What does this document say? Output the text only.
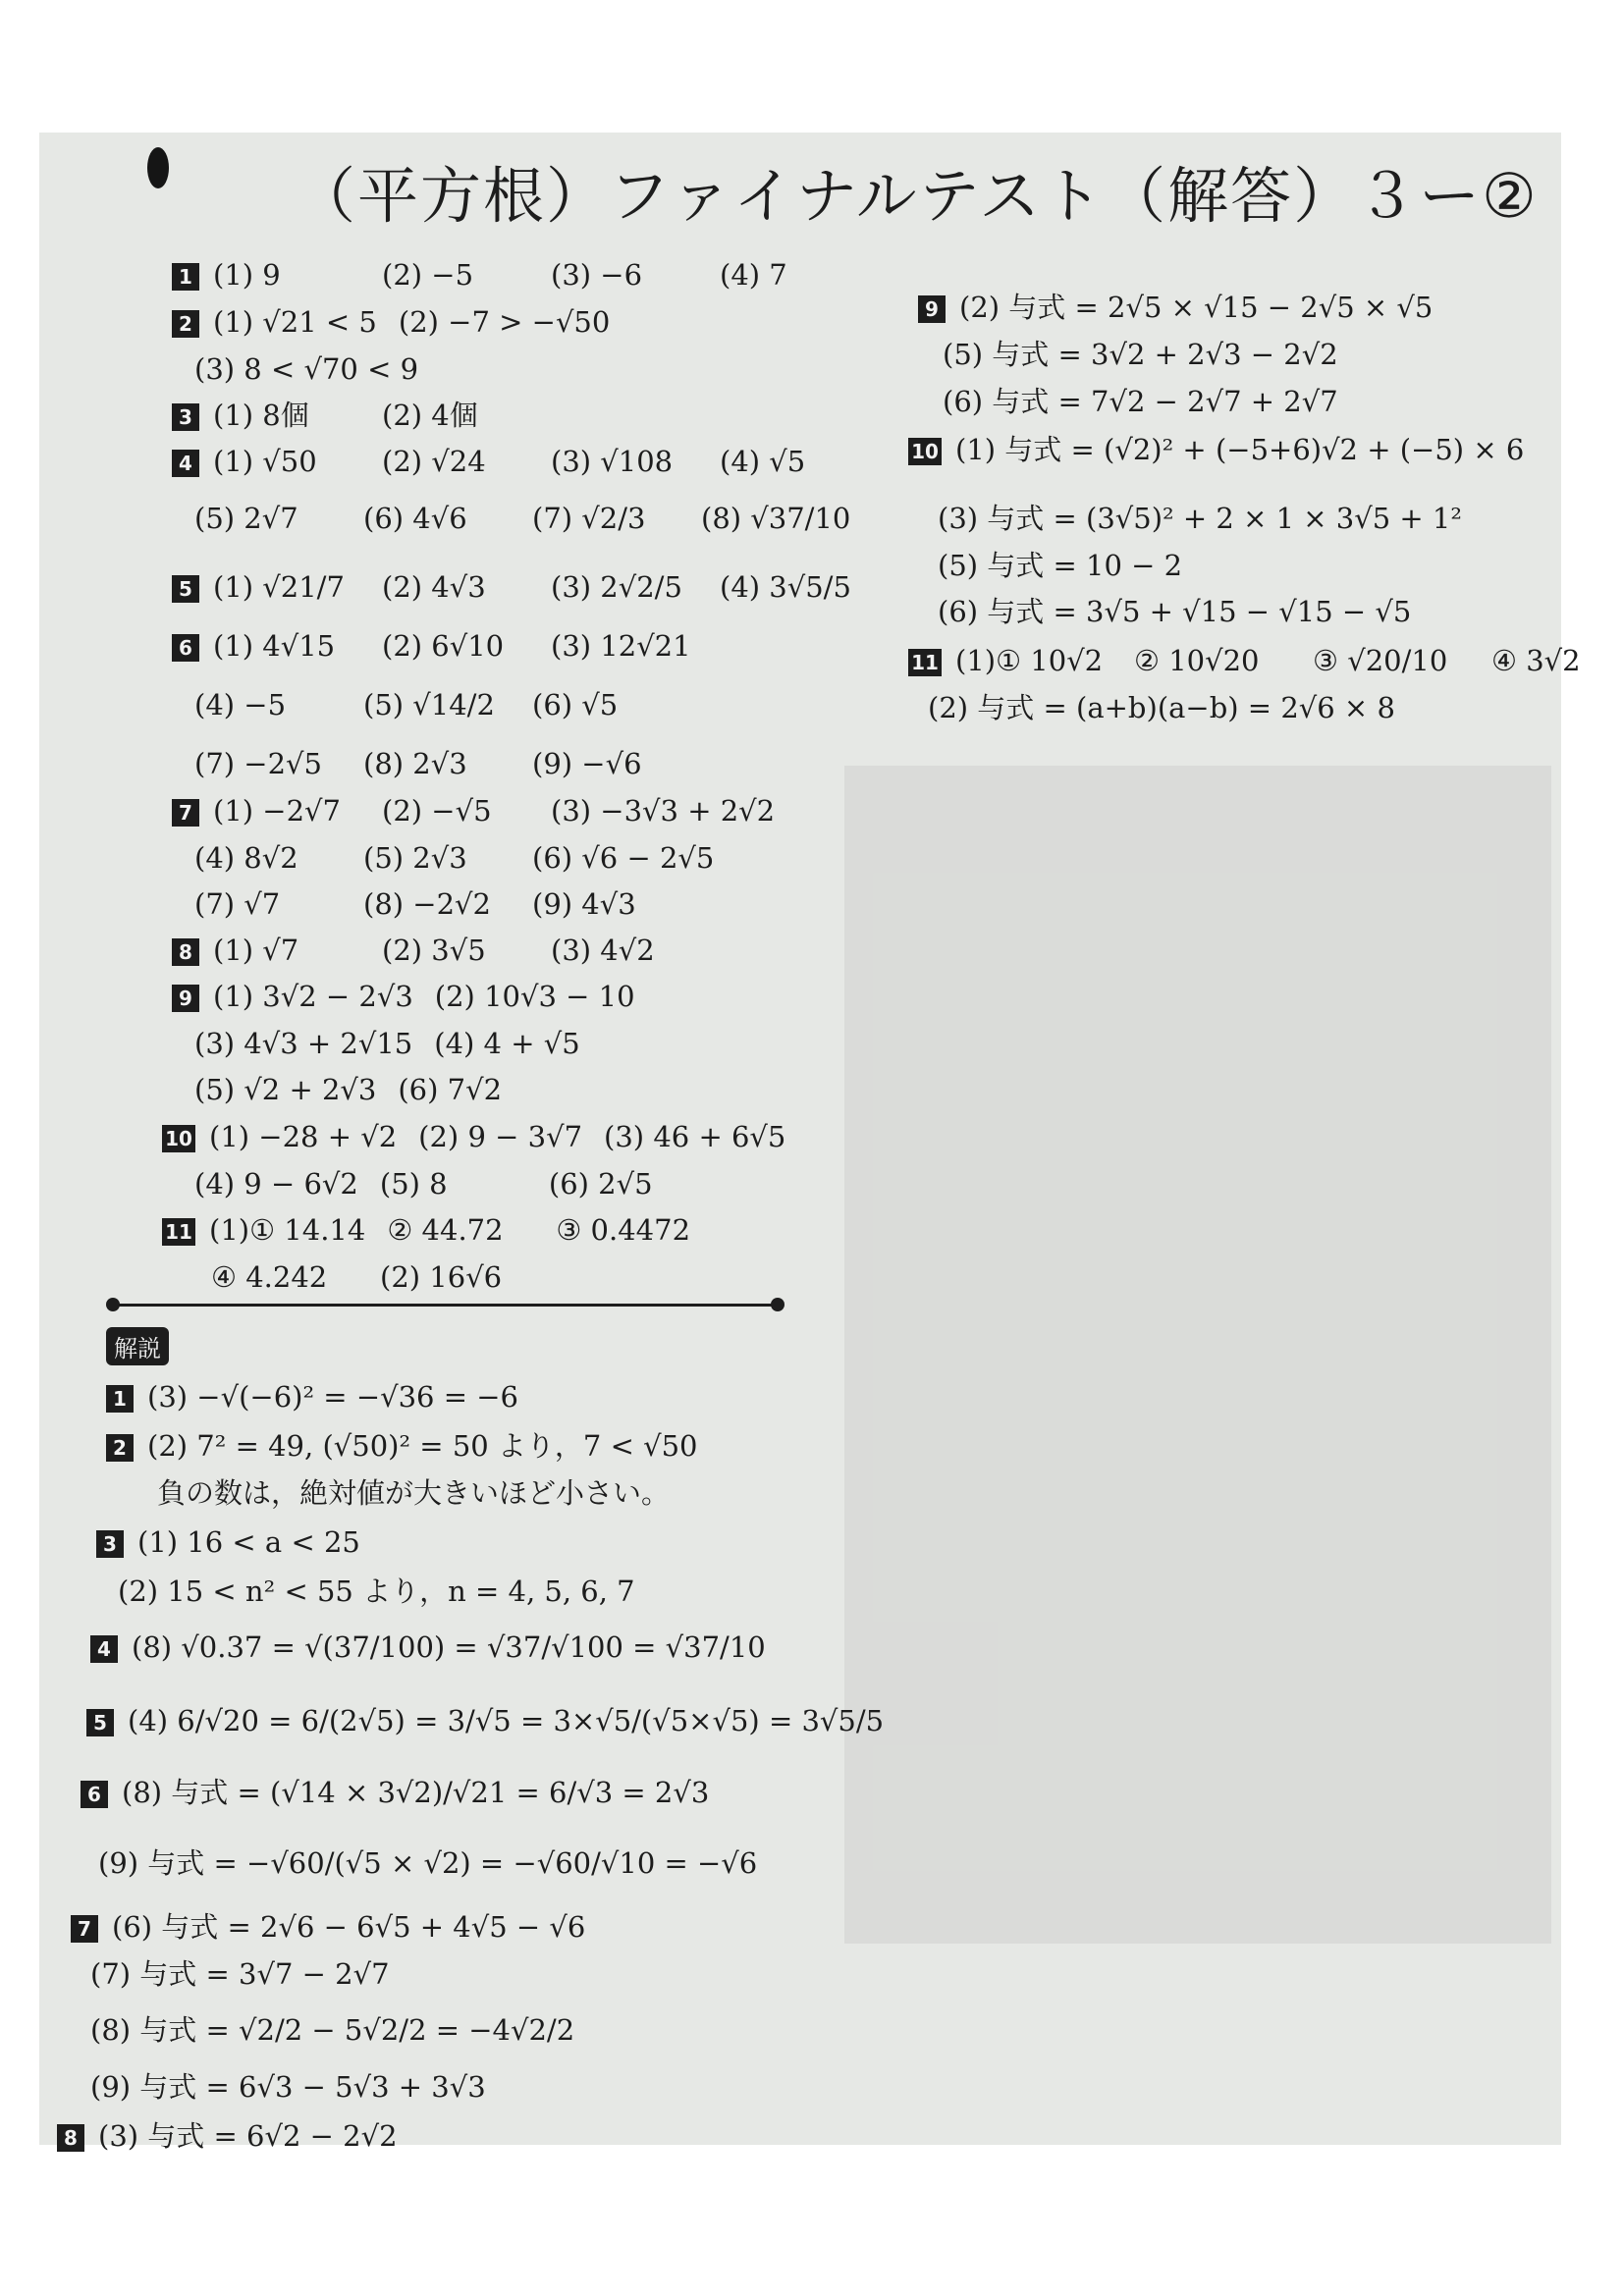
（平方根）ファイナルテスト（解答）３ー②
1 (1) 9	(2) −5	(3) −6	(4) 7
2 (1) √21 < 5 (2) −7 > −√50
(3) 8 < √70 < 9
3 (1) 8個	(2) 4個
4 (1) √50 (2) √24 (3) √108 (4) √5
(5) 2√7 (6) 4√6 (7) √2/3 (8) √37/10
5 (1) √21/7 (2) 4√3 (3) 2√2/5 (4) 3√5/5
6 (1) 4√15 (2) 6√10 (3) 12√21
(4) −5	(5) √14/2 (6) √5
(7) −2√5 (8) 2√3 (9) −√6
7 (1) −2√7 (2) −√5 (3) −3√3 + 2√2
(4) 8√2 (5) 2√3 (6) √6 − 2√5
(7) √7	(8) −2√2 (9) 4√3
8 (1) √7	(2) 3√5 (3) 4√2
9 (1) 3√2 − 2√3 (2) 10√3 − 10
(3) 4√3 + 2√15 (4) 4 + √5
(5) √2 + 2√3 (6) 7√2
10 (1) −28 + √2 (2) 9 − 3√7 (3) 46 + 6√5
(4) 9 − 6√2 (5) 8	(6) 2√5
11 (1)① 14.14 ② 44.72 ③ 0.4472
④ 4.242 (2) 16√6
9 (2) 与式 = 2√5 × √15 − 2√5 × √5
(5) 与式 = 3√2 + 2√3 − 2√2
(6) 与式 = 7√2 − 2√7 + 2√7
10 (1) 与式 = (√2)² + (−5+6)√2 + (−5) × 6
(3) 与式 = (3√5)² + 2 × 1 × 3√5 + 1²
(5) 与式 = 10 − 2
(6) 与式 = 3√5 + √15 − √15 − √5
11 (1)① 10√2 ② 10√20 ③ √20/10 ④ 3√2
(2) 与式 = (a+b)(a−b) = 2√6 × 8
解説
1 (3) −√(−6)² = −√36 = −6
2 (2) 7² = 49, (√50)² = 50 より，7 < √50
負の数は，絶対値が大きいほど小さい。
3 (1) 16 < a < 25
(2) 15 < n² < 55 より，n = 4, 5, 6, 7
4 (8) √0.37 = √(37/100) = √37/√100 = √37/10
5 (4) 6/√20 = 6/(2√5) = 3/√5 = 3×√5/(√5×√5) = 3√5/5
6 (8) 与式 = (√14 × 3√2)/√21 = 6/√3 = 2√3
(9) 与式 = −√60/(√5 × √2) = −√60/√10 = −√6
7 (6) 与式 = 2√6 − 6√5 + 4√5 − √6
(7) 与式 = 3√7 − 2√7
(8) 与式 = √2/2 − 5√2/2 = −4√2/2
(9) 与式 = 6√3 − 5√3 + 3√3
8 (3) 与式 = 6√2 − 2√2
